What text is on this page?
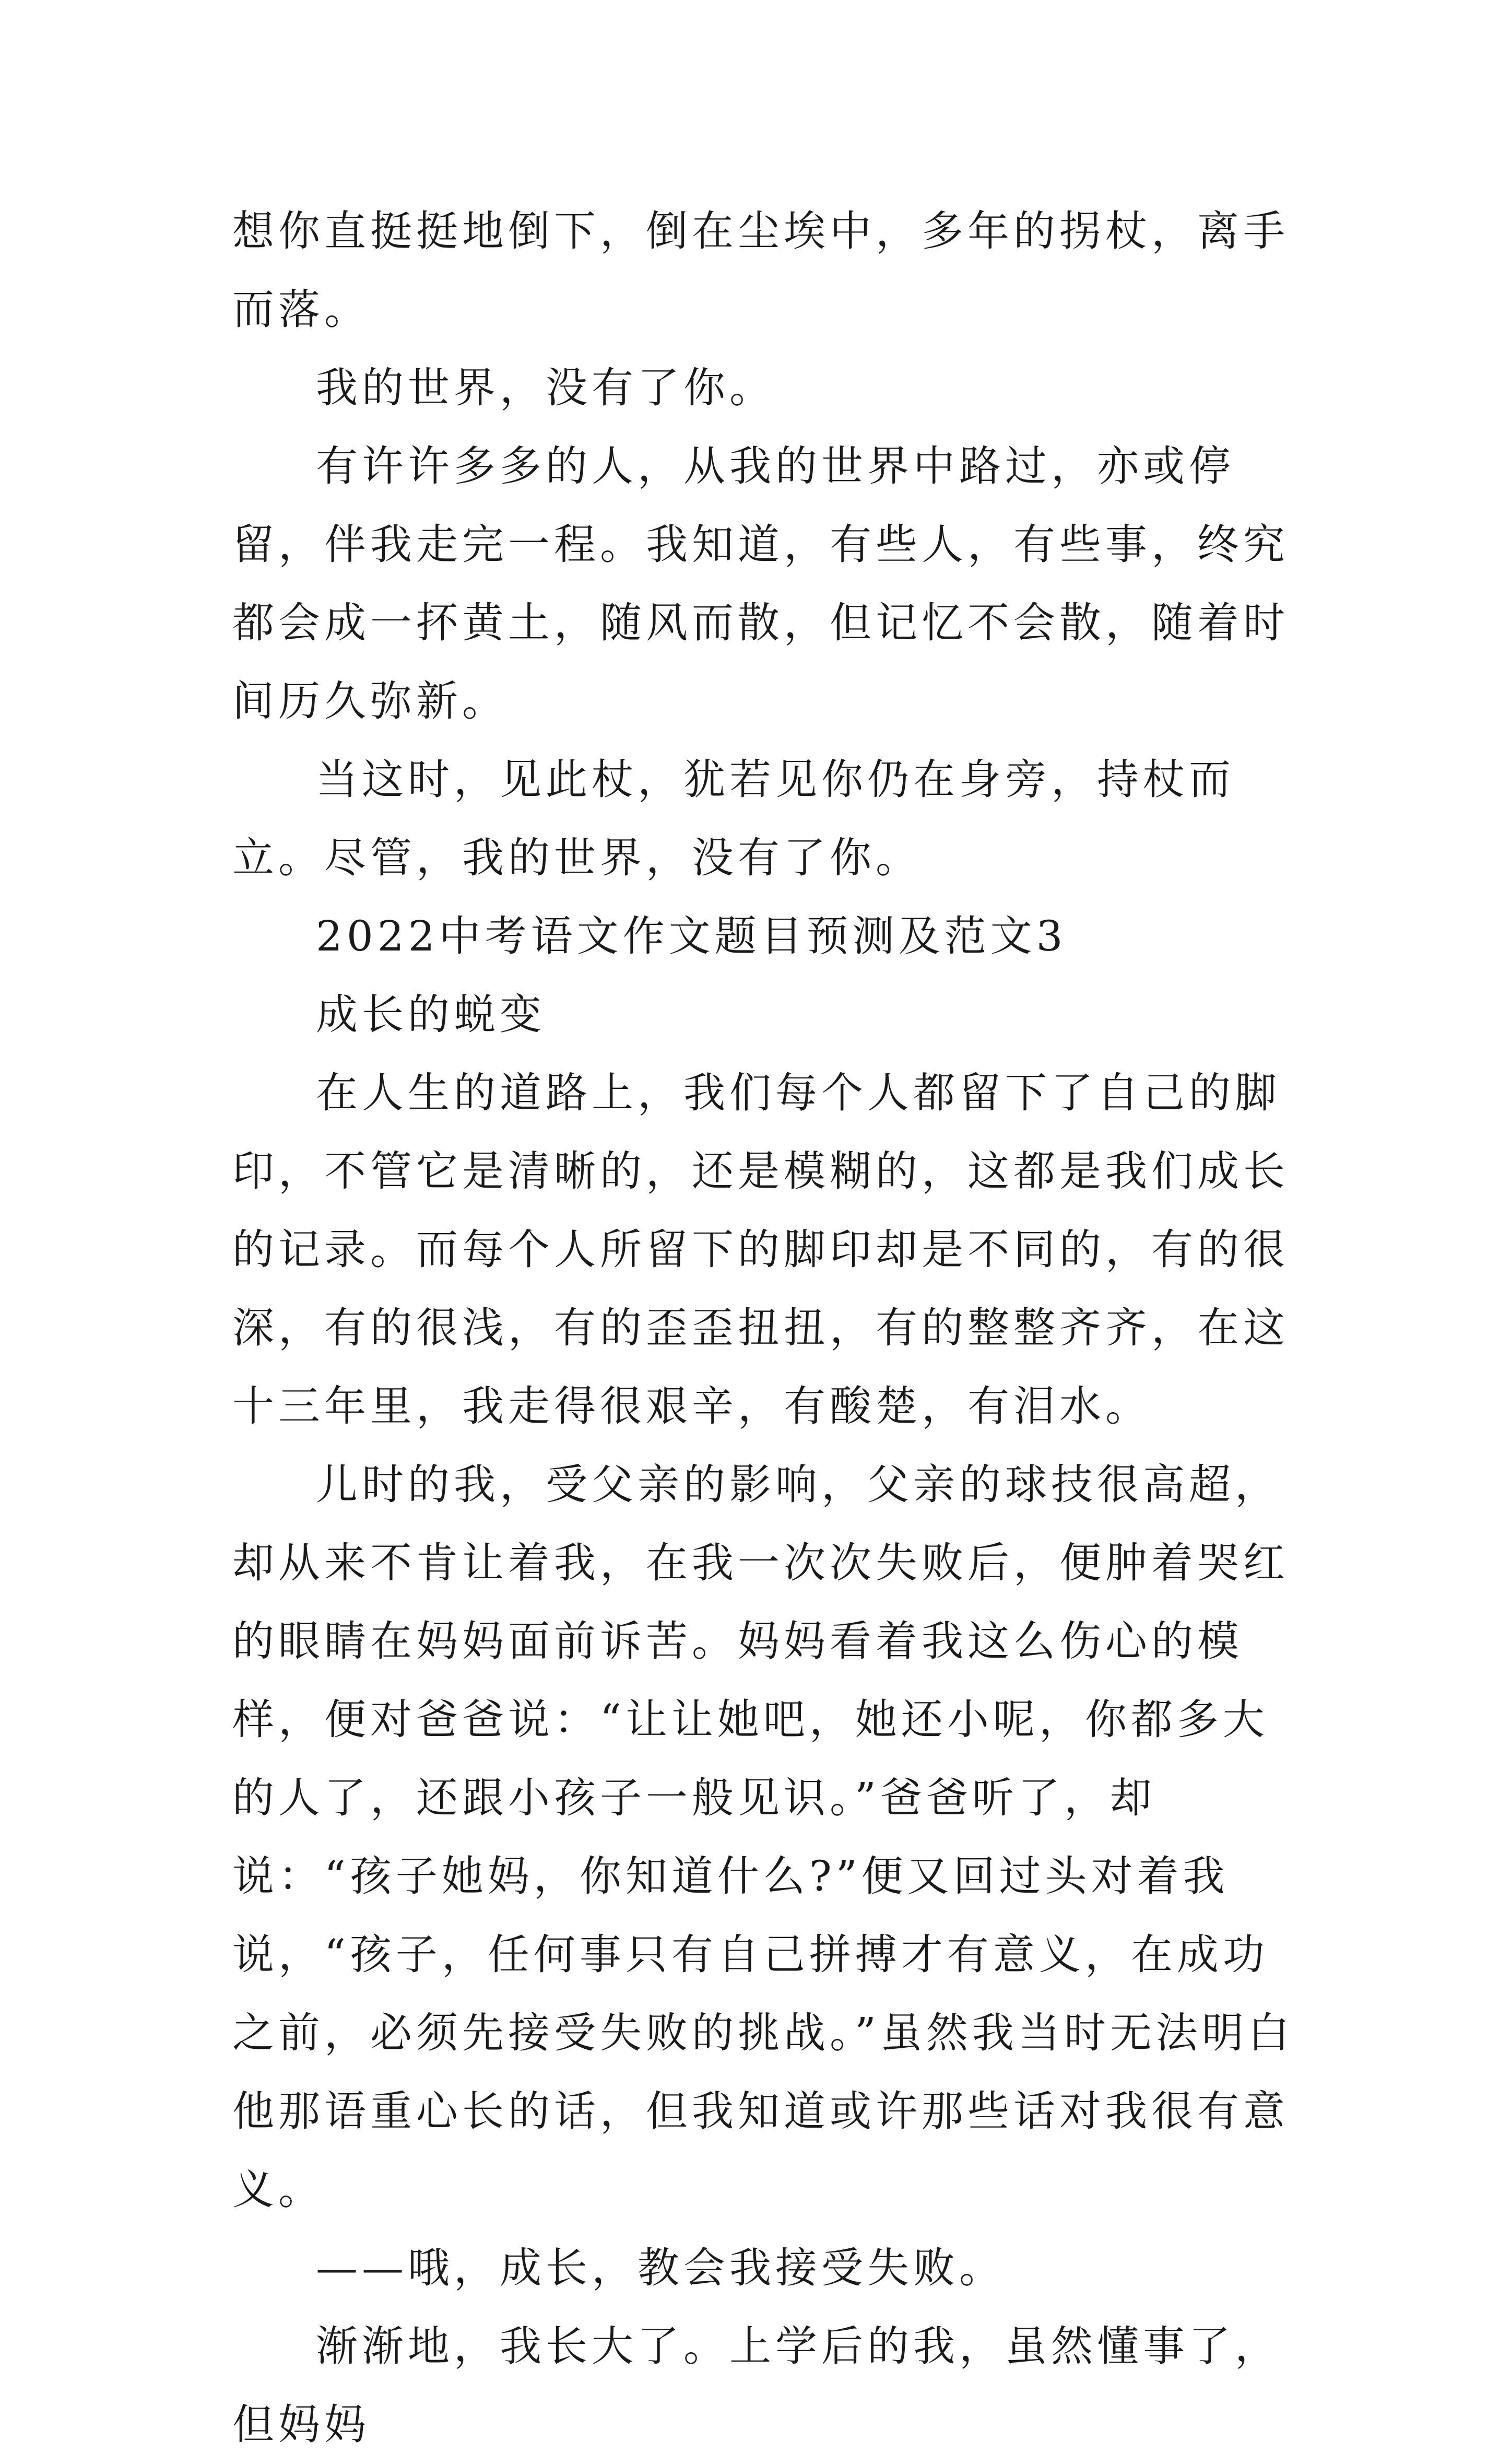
想你直挺挺地倒下，倒在尘埃中，多年的拐杖，离手而落。

我的世界，没有了你。

有许许多多的人，从我的世界中路过，亦或停留，伴我走完一程。我知道，有些人，有些事，终究都会成一抔黄土，随风而散，但记忆不会散，随着时间历久弥新。

当这时，见此杖，犹若见你仍在身旁，持杖而立。尽管，我的世界，没有了你。

2022中考语文作文题目预测及范文3

成长的蜕变

在人生的道路上，我们每个人都留下了自己的脚印，不管它是清晰的，还是模糊的，这都是我们成长的记录。而每个人所留下的脚印却是不同的，有的很深，有的很浅，有的歪歪扭扭，有的整整齐齐，在这十三年里，我走得很艰辛，有酸楚，有泪水。

儿时的我，受父亲的影响，父亲的球技很高超，却从来不肯让着我，在我一次次失败后，便肿着哭红的眼睛在妈妈面前诉苦。妈妈看着我这么伤心的模样，便对爸爸说：“让让她吧，她还小呢，你都多大的人了，还跟小孩子一般见识。”爸爸听了，却说：“孩子她妈，你知道什么?”便又回过头对着我说，“孩子，任何事只有自己拼搏才有意义，在成功之前，必须先接受失败的挑战。”虽然我当时无法明白他那语重心长的话，但我知道或许那些话对我很有意义。

——哦，成长，教会我接受失败。

渐渐地，我长大了。上学后的我，虽然懂事了，但妈妈
